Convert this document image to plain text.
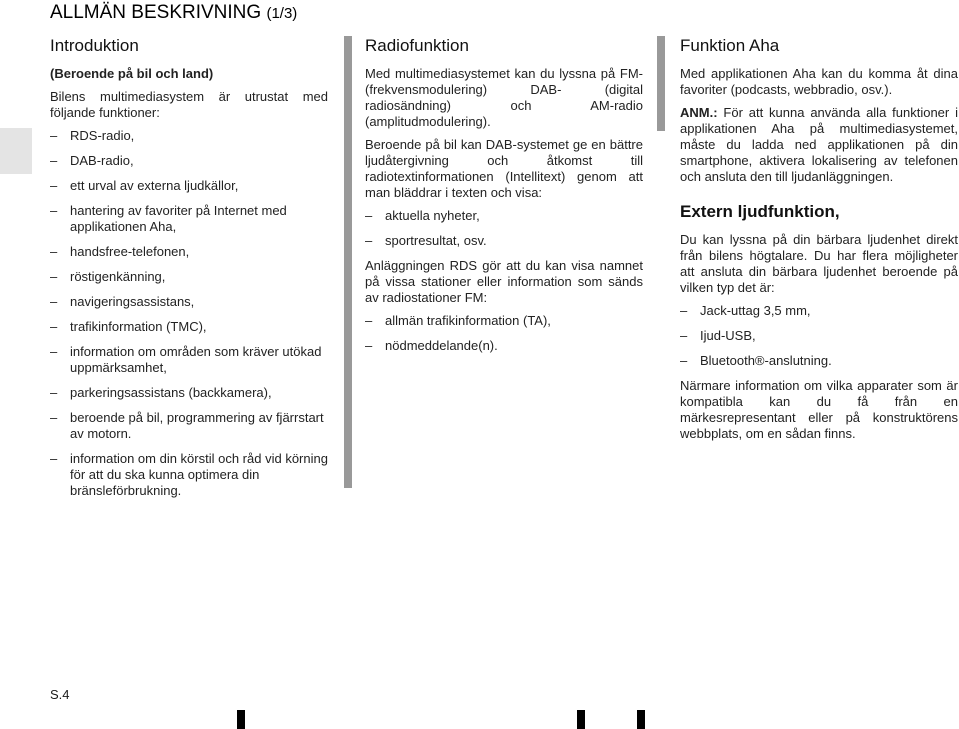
ALLMÄN BESKRIVNING (1/3)
Introduktion

(Beroende på bil och land)

Bilens multimediasystem är utrustat med följande funktioner:

– RDS-radio,
– DAB-radio,
– ett urval av externa ljudkällor,
– hantering av favoriter på Internet med applikationen Aha,
– handsfree-telefonen,
– röstigenkänning,
– navigeringsassistans,
– trafikinformation (TMC),
– information om områden som kräver utökad uppmärksamhet,
– parkeringsassistans (backkamera),
– beroende på bil, programmering av fjärrstart av motorn.
– information om din körstil och råd vid körning för att du ska kunna optimera din bränsleförbrukning.
Radiofunktion

Med multimediasystemet kan du lyssna på FM- (frekvensmodulering) DAB- (digital radiosändning) och AM-radio (amplitudmodulering).

Beroende på bil kan DAB-systemet ge en bättre ljudåtergivning och åtkomst till radiotextinformationen (Intellitext) genom att man bläddrar i texten och visa:

– aktuella nyheter,
– sportresultat, osv.

Anläggningen RDS gör att du kan visa namnet på vissa stationer eller information som sänds av radiostationer FM:

– allmän trafikinformation (TA),
– nödmeddelande(n).
Funktion Aha

Med applikationen Aha kan du komma åt dina favoriter (podcasts, webbradio, osv.).

ANM.: För att kunna använda alla funktioner i applikationen Aha på multimediasystemet, måste du ladda ned applikationen på din smartphone, aktivera lokalisering av telefonen och ansluta den till ljudanläggningen.

Extern ljudfunktion,

Du kan lyssna på din bärbara ljudenhet direkt från bilens högtalare. Du har flera möjligheter att ansluta din bärbara ljudenhet beroende på vilken typ det är:

– Jack-uttag 3,5 mm,
– Ijud-USB,
– Bluetooth®-anslutning.

Närmare information om vilka apparater som är kompatibla kan du få från en märkesrepresentant eller på konstruktörens webbplats, om en sådan finns.

S.4
